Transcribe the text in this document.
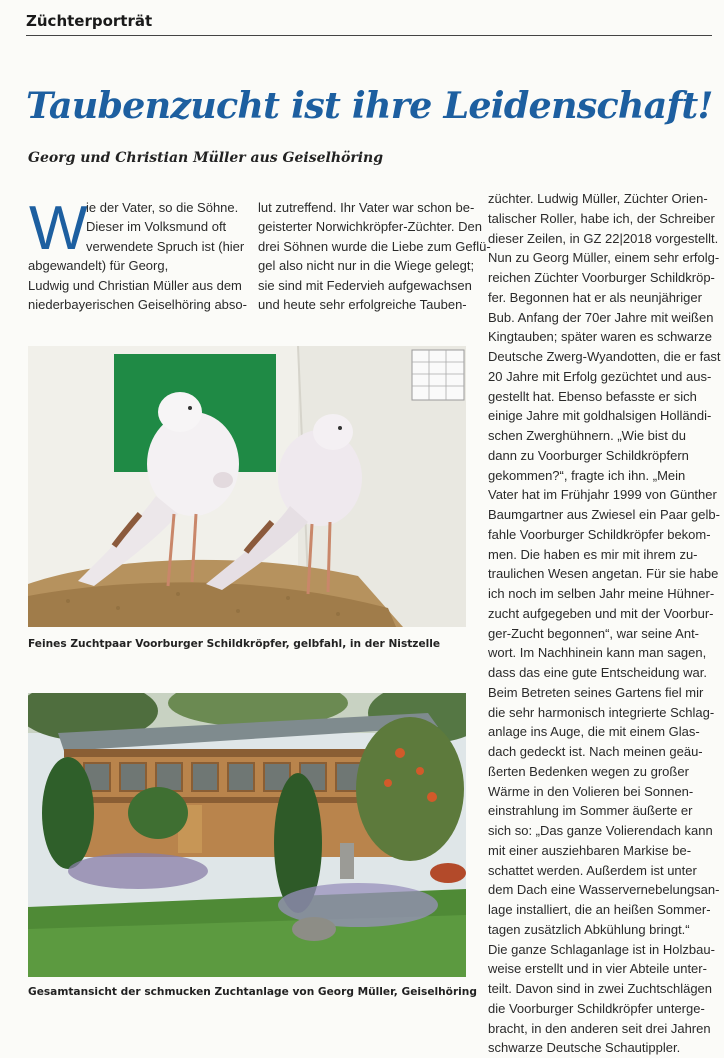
Züchterporträt
Taubenzucht ist ihre Leidenschaft!
Georg und Christian Müller aus Geiselhöring
W
ie der Vater, so die Söhne.
Dieser im Volksmund oft
verwendete Spruch ist (hier
abgewandelt) für Georg,
Ludwig und Christian Müller aus dem
niederbayerischen Geiselhöring abso-
lut zutreffend. Ihr Vater war schon be-
geisterter Norwichkröpfer-Züchter. Den
drei Söhnen wurde die Liebe zum Geflü-
gel also nicht nur in die Wiege gelegt;
sie sind mit Federvieh aufgewachsen
und heute sehr erfolgreiche Tauben-
züchter. Ludwig Müller, Züchter Orien-
talischer Roller, habe ich, der Schreiber
dieser Zeilen, in GZ 22|2018 vorgestellt.
Nun zu Georg Müller, einem sehr erfolg-
reichen Züchter Voorburger Schildkröp-
fer. Begonnen hat er als neunjähriger
Bub. Anfang der 70er Jahre mit weißen
Kingtauben; später waren es schwarze
Deutsche Zwerg-Wyandotten, die er fast
20 Jahre mit Erfolg gezüchtet und aus-
gestellt hat. Ebenso befasste er sich
einige Jahre mit goldhalsigen Holländi-
schen Zwerghühnern. „Wie bist du
dann zu Voorburger Schildkröpfern
gekommen?“, fragte ich ihn. „Mein
Vater hat im Frühjahr 1999 von Günther
Baumgartner aus Zwiesel ein Paar gelb-
fahle Voorburger Schildkröpfer bekom-
men. Die haben es mir mit ihrem zu-
traulichen Wesen angetan. Für sie habe
ich noch im selben Jahr meine Hühner-
zucht aufgegeben und mit der Voorbur-
ger-Zucht begonnen“, war seine Ant-
wort. Im Nachhinein kann man sagen,
dass das eine gute Entscheidung war.
Beim Betreten seines Gartens fiel mir
die sehr harmonisch integrierte Schlag-
anlage ins Auge, die mit einem Glas-
dach gedeckt ist. Nach meinen geäu-
ßerten Bedenken wegen zu großer
Wärme in den Volieren bei Sonnen-
einstrahlung im Sommer äußerte er
sich so: „Das ganze Volierendach kann
mit einer ausziehbaren Markise be-
schattet werden. Außerdem ist unter
dem Dach eine Wasservernebelungsan-
lage installiert, die an heißen Sommer-
tagen zusätzlich Abkühlung bringt.“
Die ganze Schlaganlage ist in Holzbau-
weise erstellt und in vier Abteile unter-
teilt. Davon sind in zwei Zuchtschlägen
die Voorburger Schildkröpfer unterge-
bracht, in den anderen seit drei Jahren
schwarze Deutsche Schautippler.
Feines Zuchtpaar Voorburger Schildkröpfer, gelbfahl, in der Nistzelle
Gesamtansicht der schmucken Zuchtanlage von Georg Müller, Geiselhöring
